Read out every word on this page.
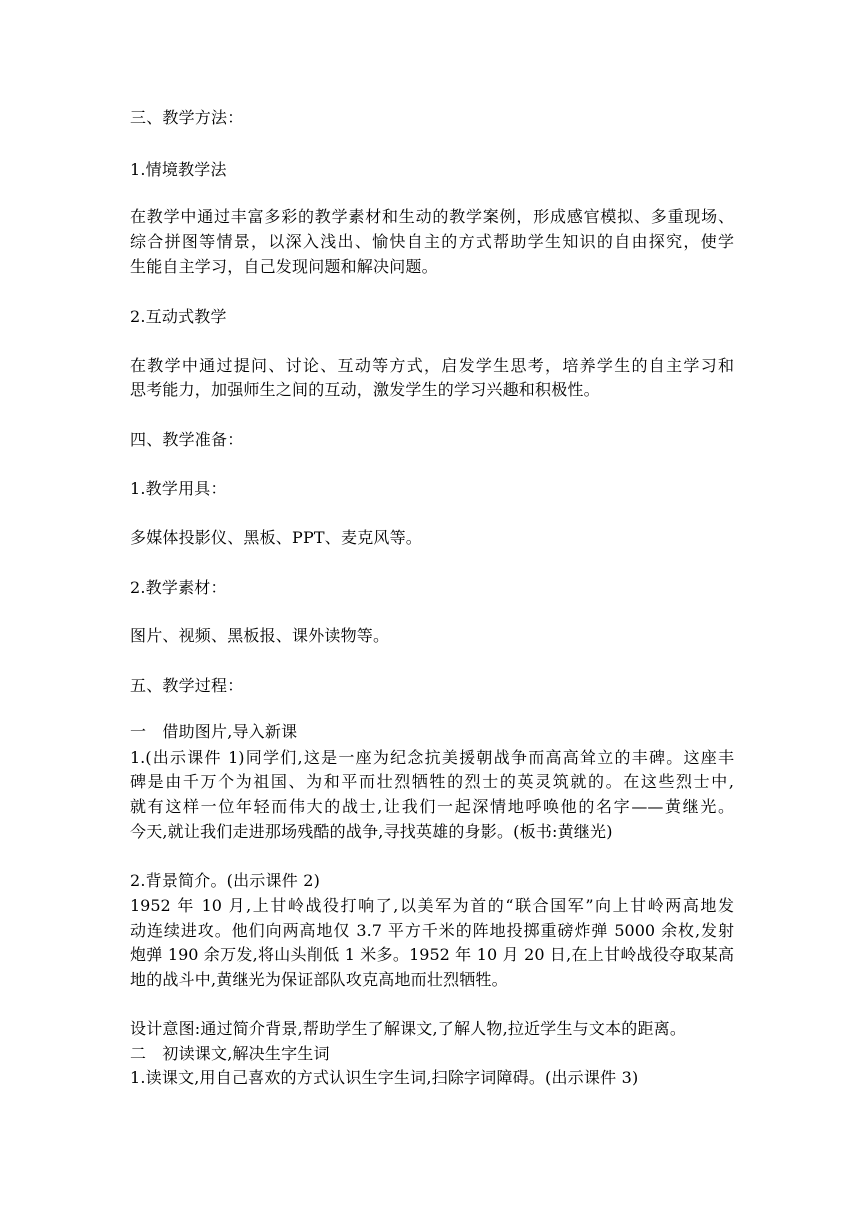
三、教学方法：
1.情境教学法
在教学中通过丰富多彩的教学素材和生动的教学案例，形成感官模拟、多重现场、
综合拼图等情景，以深入浅出、愉快自主的方式帮助学生知识的自由探究，使学
生能自主学习，自己发现问题和解决问题。
2.互动式教学
在教学中通过提问、讨论、互动等方式，启发学生思考，培养学生的自主学习和
思考能力，加强师生之间的互动，激发学生的学习兴趣和积极性。
四、教学准备：
1.教学用具：
多媒体投影仪、黑板、PPT、麦克风等。
2.教学素材：
图片、视频、黑板报、课外读物等。
五、教学过程：
一　借助图片,导入新课
1.(出示课件 1)同学们,这是一座为纪念抗美援朝战争而高高耸立的丰碑。这座丰
碑是由千万个为祖国、为和平而壮烈牺牲的烈士的英灵筑就的。在这些烈士中,
就有这样一位年轻而伟大的战士,让我们一起深情地呼唤他的名字——黄继光。
今天,就让我们走进那场残酷的战争,寻找英雄的身影。(板书:黄继光)
2.背景简介。(出示课件 2)
1952 年 10 月,上甘岭战役打响了,以美军为首的“联合国军”向上甘岭两高地发
动连续进攻。他们向两高地仅 3.7 平方千米的阵地投掷重磅炸弹 5000 余枚,发射
炮弹 190 余万发,将山头削低 1 米多。1952 年 10 月 20 日,在上甘岭战役夺取某高
地的战斗中,黄继光为保证部队攻克高地而壮烈牺牲。
设计意图:通过简介背景,帮助学生了解课文,了解人物,拉近学生与文本的距离。
二　初读课文,解决生字生词
1.读课文,用自己喜欢的方式认识生字生词,扫除字词障碍。(出示课件 3)
